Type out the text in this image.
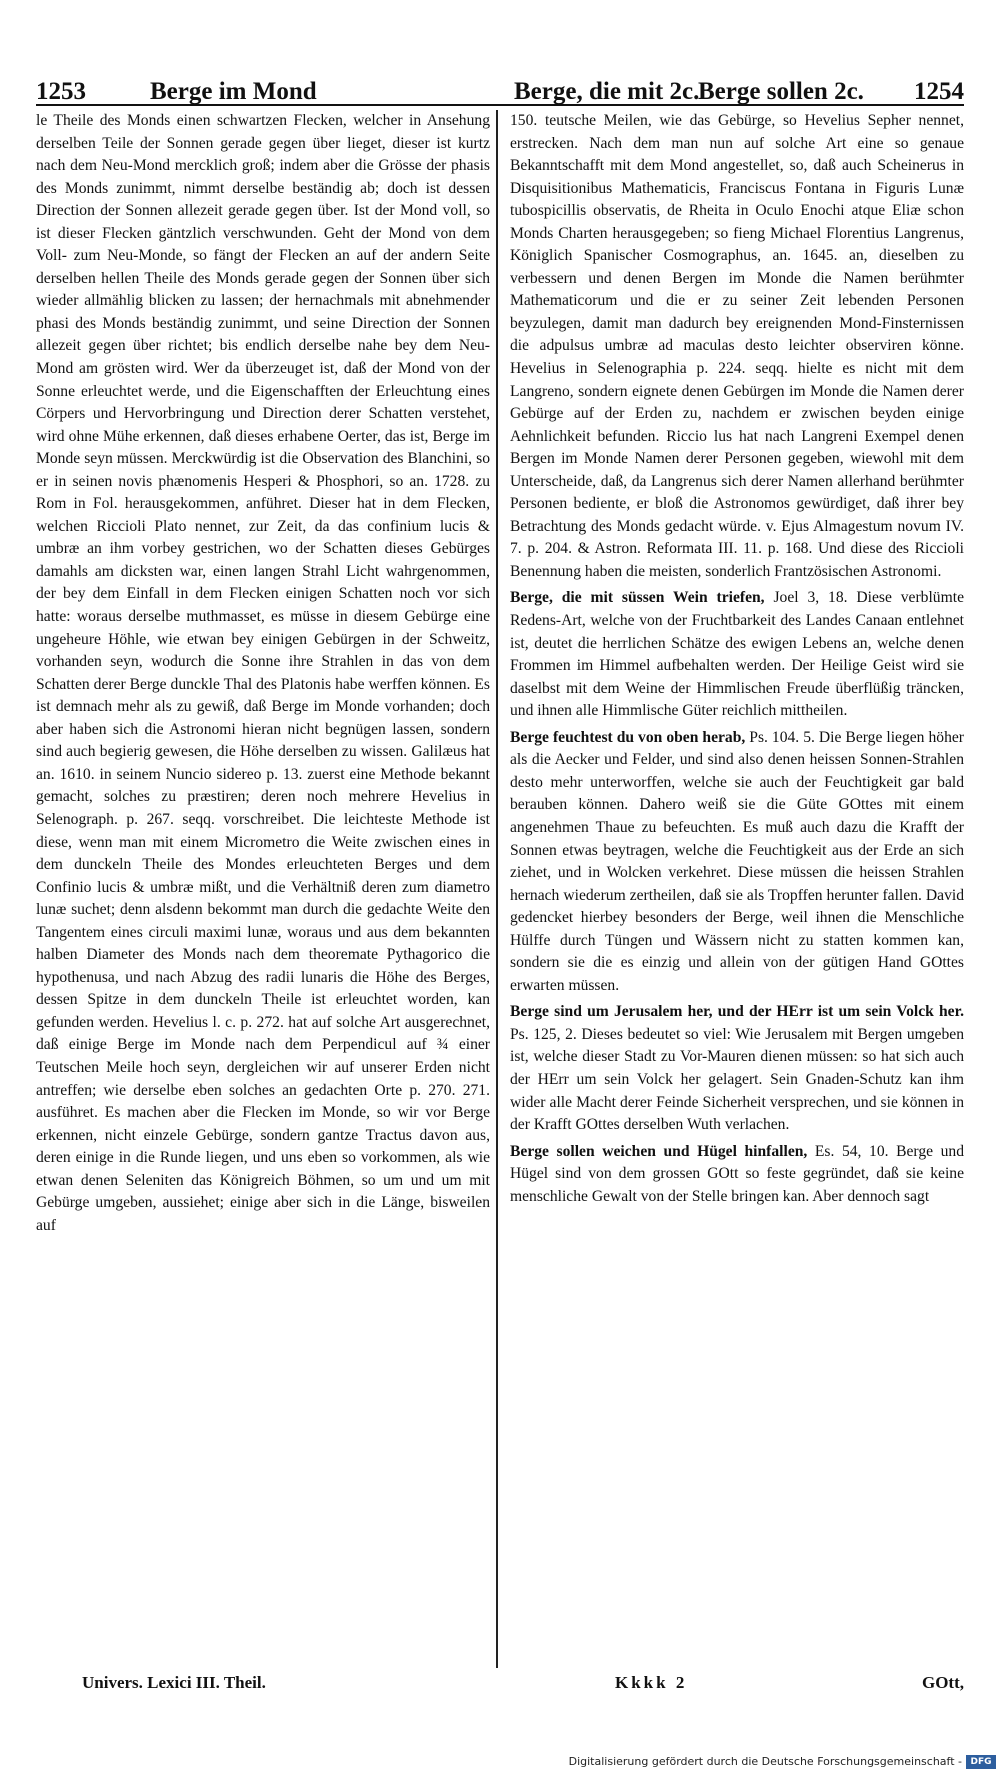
1253	Berge im Mond	Berge, die mit 2c.
Berge sollen 2c. 1254

le Theile des Monds einen schwartzen Flecken, welcher in Ansehung derselben Teile der Sonnen gerade gegen über lieget, dieser ist kurtz nach dem Neu-Mond mercklich groß; indem aber die Grösse der phasis des Monds zunimmt, nimmt derselbe beständig ab; doch ist dessen Direction der Sonnen allezeit gerade gegen über. Ist der Mond voll, so ist dieser Flecken gäntzlich verschwunden. Geht der Mond von dem Voll- zum Neu-Monde, so fängt der Flecken an auf der andern Seite derselben hellen Theile des Monds gerade gegen der Sonnen über sich wieder allmählig blicken zu lassen; der hernachmals mit abnehmender phasi des Monds beständig zunimmt, und seine Direction der Sonnen allezeit gegen über richtet; bis endlich derselbe nahe bey dem Neu-Mond am grösten wird. Wer da überzeuget ist, daß der Mond von der Sonne erleuchtet werde, und die Eigenschafften der Erleuchtung eines Cörpers und Hervorbringung und Direction derer Schatten verstehet, wird ohne Mühe erkennen, daß dieses erhabene Oerter, das ist, Berge im Monde seyn müssen. Merckwürdig ist die Observation des Blanchini, so er in seinen novis phænomenis Hesperi & Phosphori, so an. 1728. zu Rom in Fol. herausgekommen, anführet. Dieser hat in dem Flecken, welchen Riccioli Plato nennet, zur Zeit, da das confinium lucis & umbræ an ihm vorbey gestrichen, wo der Schatten dieses Gebürges damahls am dicksten war, einen langen Strahl Licht wahrgenommen, der bey dem Einfall in dem Flecken einigen Schatten noch vor sich hatte: woraus derselbe muthmasset, es müsse in diesem Gebürge eine ungeheure Höhle, wie etwan bey einigen Gebürgen in der Schweitz, vorhanden seyn, wodurch die Sonne ihre Strahlen in das von dem Schatten derer Berge dunckle Thal des Platonis habe werffen können. Es ist demnach mehr als zu gewiß, daß Berge im Monde vorhanden; doch aber haben sich die Astronomi hieran nicht begnügen lassen, sondern sind auch begierig gewesen, die Höhe derselben zu wissen. Galilæus hat an. 1610. in seinem Nuncio sidereo p. 13. zuerst eine Methode bekannt gemacht, solches zu præstiren; deren noch mehrere Hevelius in Selenograph. p. 267. seqq. vorschreibet. Die leichteste Methode ist diese, wenn man mit einem Micrometro die Weite zwischen eines in dem dunckeln Theile des Mondes erleuchteten Berges und dem Confinio lucis & umbræ mißt, und die Verhältniß deren zum diametro lunæ suchet; denn alsdenn bekommt man durch die gedachte Weite den Tangentem eines circuli maximi lunæ, woraus und aus dem bekannten halben Diameter des Monds nach dem theoremate Pythagorico die hypothenusa, und nach Abzug des radii lunaris die Höhe des Berges, dessen Spitze in dem dunckeln Theile ist erleuchtet worden, kan gefunden werden. Hevelius l. c. p. 272. hat auf solche Art ausgerechnet, daß einige Berge im Monde nach dem Perpendicul auf ¾ einer Teutschen Meile hoch seyn, dergleichen wir auf unserer Erden nicht antreffen; wie derselbe eben solches an gedachten Orte p. 270. 271. ausführet. Es machen aber die Flecken im Monde, so wir vor Berge erkennen, nicht einzele Gebürge, sondern gantze Tractus davon aus, deren einige in die Runde liegen, und uns eben so vorkommen, als wie etwan denen Seleniten das Königreich Böhmen, so um und um mit Gebürge umgeben, aussiehet; einige aber sich in die Länge, bisweilen auf

150. teutsche Meilen, wie das Gebürge, so Hevelius Sepher nennet, erstrecken. Nach dem man nun auf solche Art eine so genaue Bekanntschafft mit dem Mond angestellet, so, daß auch Scheinerus in Disquisitionibus Mathematicis, Franciscus Fontana in Figuris Lunæ tubospicillis observatis, de Rheita in Oculo Enochi atque Eliæ schon Monds Charten herausgegeben; so fieng Michael Florentius Langrenus, Königlich Spanischer Cosmographus, an. 1645. an, dieselben zu verbessern und denen Bergen im Monde die Namen berühmter Mathematicorum und die er zu seiner Zeit lebenden Personen beyzulegen, damit man dadurch bey ereignenden Mond-Finsternissen die adpulsus umbræ ad maculas desto leichter observiren könne. Hevelius in Selenographia p. 224. seqq. hielte es nicht mit dem Langreno, sondern eignete denen Gebürgen im Monde die Namen derer Gebürge auf der Erden zu, nachdem er zwischen beyden einige Aehnlichkeit befunden. Riccio lus hat nach Langreni Exempel denen Bergen im Monde Namen derer Personen gegeben, wiewohl mit dem Unterscheide, daß, da Langrenus sich derer Namen allerhand berühmter Personen bediente, er bloß die Astronomos gewürdiget, daß ihrer bey Betrachtung des Monds gedacht würde. v. Ejus Almagestum novum IV. 7. p. 204. & Astron. Reformata III. 11. p. 168. Und diese des Riccioli Benennung haben die meisten, sonderlich Frantzösischen Astronomi.

Berge, die mit süssen Wein triefen, Joel 3, 18. Diese verblümte Redens-Art, welche von der Fruchtbarkeit des Landes Canaan entlehnet ist, deutet die herrlichen Schätze des ewigen Lebens an, welche denen Frommen im Himmel aufbehalten werden. Der Heilige Geist wird sie daselbst mit dem Weine der Himmlischen Freude überflüßig träncken, und ihnen alle Himmlische Güter reichlich mittheilen.

Berge feuchtest du von oben herab, Ps. 104. 5. Die Berge liegen höher als die Aecker und Felder, und sind also denen heissen Sonnen-Strahlen desto mehr unterworffen, welche sie auch der Feuchtigkeit gar bald berauben können. Dahero weiß sie die Güte GOttes mit einem angenehmen Thaue zu befeuchten. Es muß auch dazu die Krafft der Sonnen etwas beytragen, welche die Feuchtigkeit aus der Erde an sich ziehet, und in Wolcken verkehret. Diese müssen die heissen Strahlen hernach wiederum zertheilen, daß sie als Tropffen herunter fallen. David gedencket hierbey besonders der Berge, weil ihnen die Menschliche Hülffe durch Tüngen und Wässern nicht zu statten kommen kan, sondern sie die es einzig und allein von der gütigen Hand GOttes erwarten müssen.

Berge sind um Jerusalem her, und der HErr ist um sein Volck her. Ps. 125, 2. Dieses bedeutet so viel: Wie Jerusalem mit Bergen umgeben ist, welche dieser Stadt zu Vor-Mauren dienen müssen: so hat sich auch der HErr um sein Volck her gelagert. Sein Gnaden-Schutz kan ihm wider alle Macht derer Feinde Sicherheit versprechen, und sie können in der Krafft GOttes derselben Wuth verlachen.

Berge sollen weichen und Hügel hinfallen, Es. 54, 10. Berge und Hügel sind von dem grossen GOtt so feste gegründet, daß sie keine menschliche Gewalt von der Stelle bringen kan. Aber dennoch sagt

Univers. Lexici III. Theil.	Kkkk 2	GOtt,
Digitalisierung gefördert durch die Deutsche Forschungsgemeinschaft - DFG
